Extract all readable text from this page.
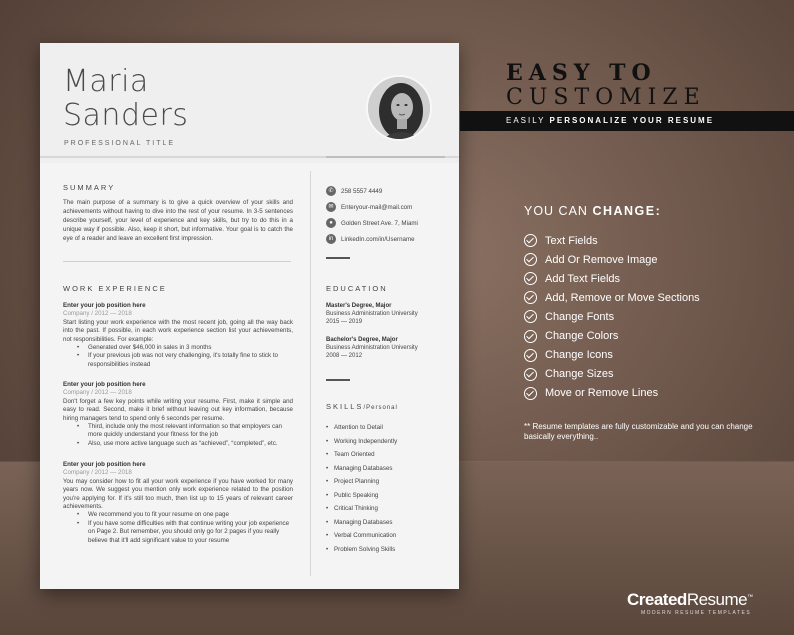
Maria
Sanders
PROFESSIONAL TITLE
SUMMARY
The main purpose of a summary is to give a quick overview of your skills and achievements without having to dive into the rest of your resume. In 3-5 sentences describe yourself, your level of experience and key skills, but try to do this in a unique way if possible. Also, keep it short, but informative. Your goal is to catch the eye of a reader and leave an excellent first impression.
WORK EXPERIENCE
Enter your job position here
Company / 2012 — 2018

Start listing your work experience with the most recent job, going all the way back into the past. If possible, in each work experience section list your achievements, not responsibilities. For example:

• Generated over $46,000 in sales in 3 months
• If your previous job was not very challenging, it's totally fine to stick to responsibilities instead
Enter your job position here
Company / 2012 — 2018

Don't forget a few key points while writing your resume. First, make it simple and easy to read. Second, make it brief without leaving out key information, because hiring managers tend to spend only 6 seconds per resume.

• Third, include only the most relevant information so that employers can more quickly understand your fitness for the job
• Also, use more active language such as “achieved”, “completed”, etc.
Enter your job position here
Company / 2012 — 2018

You may consider how to fit all your work experience if you have worked for many years now. We suggest you mention only work experience related to the position you're applying for. If it's still too much, then list up to 15 years of relevant career achievements.

• We recommend you to fit your resume on one page
• If you have some difficulties with that continue writing your job experience on Page 2. But remember, you should only go for 2 pages if you really believe that it'll add significant value to your resume
✆	258 5557 4449
✉	Enteryour-mail@mail.com
●	Golden Street Ave. 7, Miami
in	LinkedIn.com/in/Username
EDUCATION
Master's Degree, Major
Business Administration University
2015 — 2019
Bachelor's Degree, Major
Business Administration University
2008 — 2012
SKILLS/Personal
• Attention to Detail
• Working Independently
• Team Oriented
• Managing Databases
• Project Planning
• Public Speaking
• Critical Thinking
• Managing Databases
• Verbal Communication
• Problem Solving Skills
EASY TO
CUSTOMIZE
EASILY PERSONALIZE YOUR RESUME
YOU CAN CHANGE:
Text Fields
Add Or Remove Image
Add Text Fields
Add, Remove or Move Sections
Change Fonts
Change Colors
Change Icons
Change Sizes
Move or Remove Lines
** Resume templates are fully customizable and you can change basically everything..
CreatedResume™
MODERN RESUME TEMPLATES
